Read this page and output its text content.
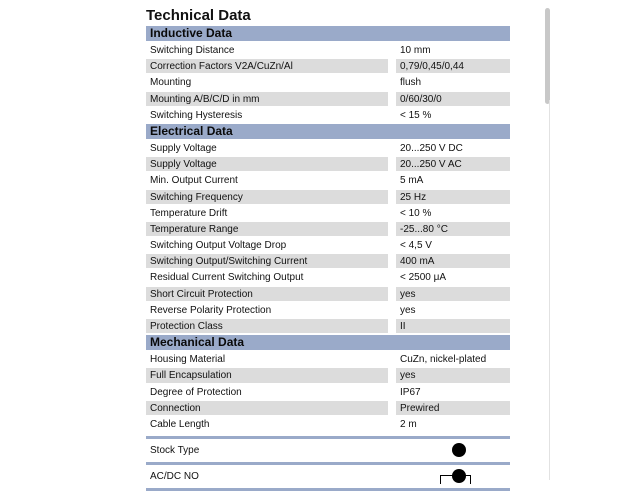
Technical Data
Inductive Data
Switching Distance	10 mm
Correction Factors V2A/CuZn/Al	0,79/0,45/0,44
Mounting	flush
Mounting A/B/C/D in mm	0/60/30/0
Switching Hysteresis	< 15 %
Electrical Data
Supply Voltage	20...250 V DC
Supply Voltage	20...250 V AC
Min. Output Current	5 mA
Switching Frequency	25 Hz
Temperature Drift	< 10 %
Temperature Range	-25...80 °C
Switching Output Voltage Drop	< 4,5 V
Switching Output/Switching Current	400 mA
Residual Current Switching Output	< 2500 μA
Short Circuit Protection	yes
Reverse Polarity Protection	yes
Protection Class	II
Mechanical Data
Housing Material	CuZn, nickel-plated
Full Encapsulation	yes
Degree of Protection	IP67
Connection	Prewired
Cable Length	2 m
Stock Type
AC/DC NO
